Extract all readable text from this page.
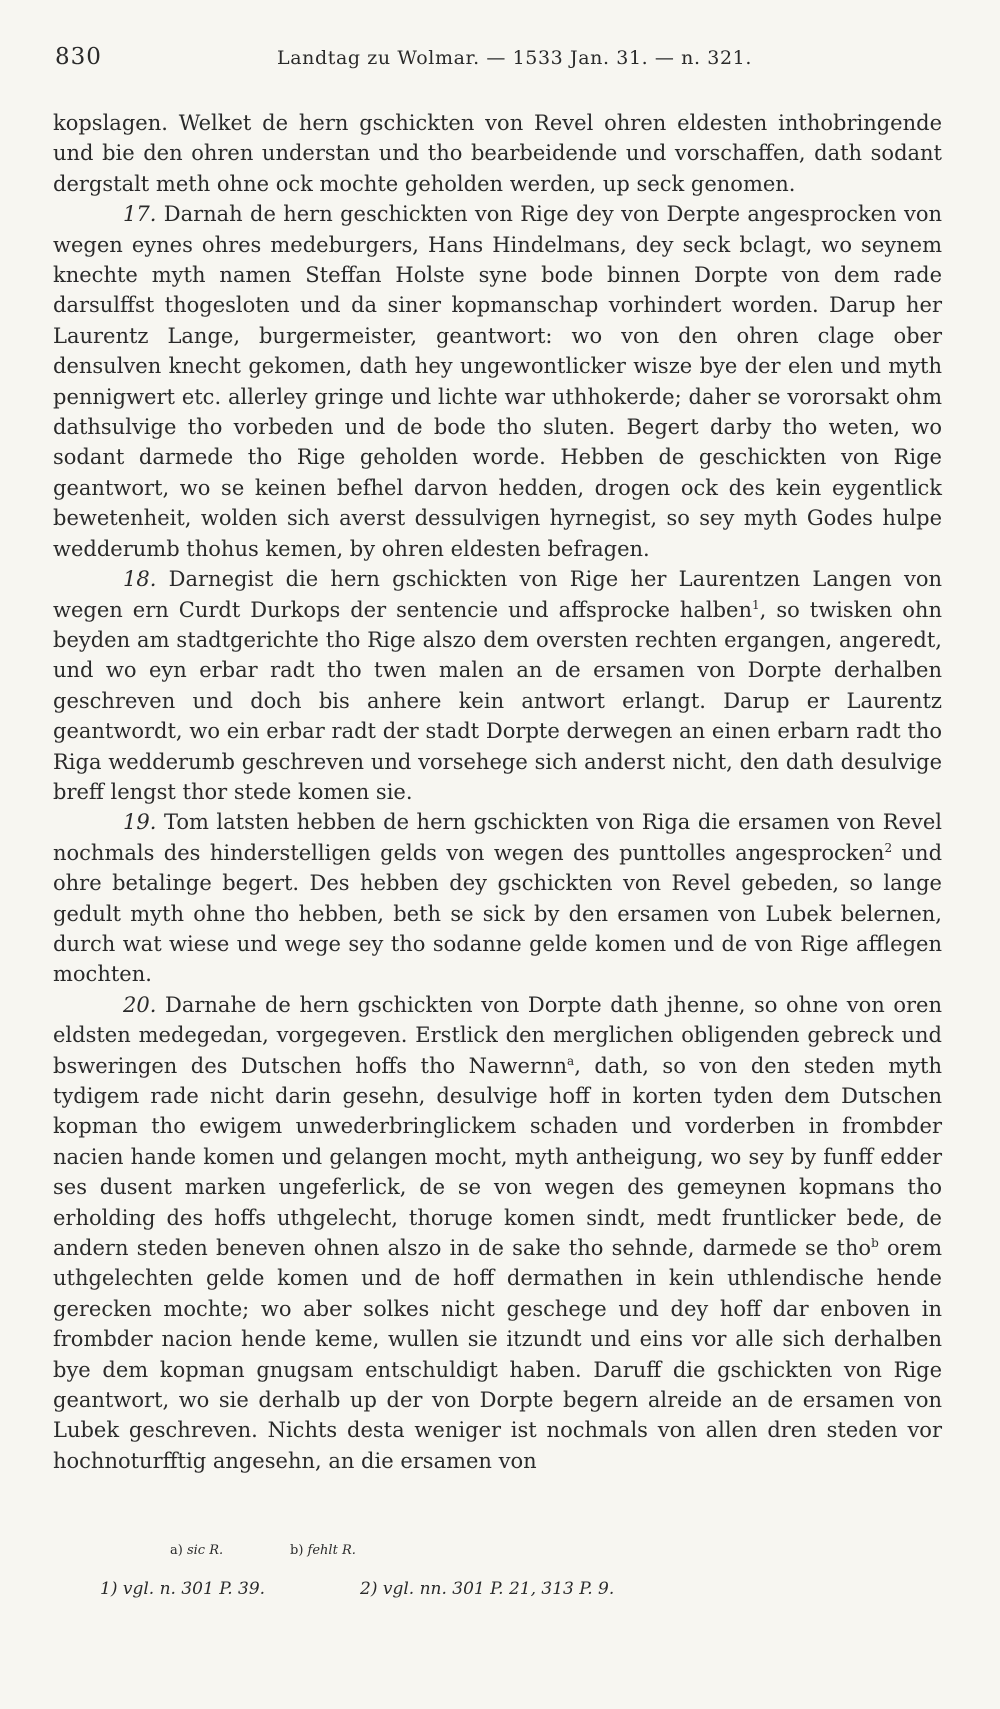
830	Landtag zu Wolmar. — 1533 Jan. 31. — n. 321.

kopslagen. Welket de hern gschickten von Revel ohren eldesten inthobringende und bie den ohren understan und tho bearbeidende und vorschaffen, dath sodant dergstalt meth ohne ock mochte geholden werden, up seck genomen.

17. Darnah de hern geschickten von Rige dey von Derpte angesprocken von wegen eynes ohres medeburgers, Hans Hindelmans, dey seck bclagt, wo seynem knechte myth namen Steffan Holste syne bode binnen Dorpte von dem rade darsulffst thogesloten und da siner kopmanschap vorhindert worden. Darup her Laurentz Lange, burgermeister, geantwort: wo von den ohren clage ober densulven knecht gekomen, dath hey ungewontlicker wisze bye der elen und myth pennigwert etc. allerley gringe und lichte war uthhokerde; daher se vororsakt ohm dathsulvige tho vorbeden und de bode tho sluten. Begert darby tho weten, wo sodant darmede tho Rige geholden worde. Hebben de geschickten von Rige geantwort, wo se keinen befhel darvon hedden, drogen ock des kein eygentlick bewetenheit, wolden sich averst dessulvigen hyrnegist, so sey myth Godes hulpe wedderumb thohus kemen, by ohren eldesten befragen.

18. Darnegist die hern gschickten von Rige her Laurentzen Langen von wegen ern Curdt Durkops der sentencie und affsprocke halben$^1$, so twisken ohn beyden am stadtgerichte tho Rige alszo dem oversten rechten ergangen, angeredt, und wo eyn erbar radt tho twen malen an de ersamen von Dorpte derhalben geschreven und doch bis anhere kein antwort erlangt. Darup er Laurentz geantwordt, wo ein erbar radt der stadt Dorpte derwegen an einen erbarn radt tho Riga wedderumb geschreven und vorsehege sich anderst nicht, den dath desulvige breff lengst thor stede komen sie.

19. Tom latsten hebben de hern gschickten von Riga die ersamen von Revel nochmals des hinderstelligen gelds von wegen des punttolles angesprocken$^2$ und ohre betalinge begert. Des hebben dey gschickten von Revel gebeden, so lange gedult myth ohne tho hebben, beth se sick by den ersamen von Lubek belernen, durch wat wiese und wege sey tho sodanne gelde komen und de von Rige afflegen mochten.

20. Darnahe de hern gschickten von Dorpte dath jhenne, so ohne von oren eldsten medegedan, vorgegeven. Erstlick den merglichen obligenden gebreck und bsweringen des Dutschen hoffs tho Nawernn$^a$, dath, so von den steden myth tydigem rade nicht darin gesehn, desulvige hoff in korten tyden dem Dutschen kopman tho ewigem unwederbringlickem schaden und vorderben in frombder nacien hande komen und gelangen mocht, myth antheigung, wo sey by funff edder ses dusent marken ungeferlick, de se von wegen des gemeynen kopmans tho erholding des hoffs uthgelecht, thoruge komen sindt, medt fruntlicker bede, de andern steden beneven ohnen alszo in de sake tho sehnde, darmede se tho$^b$ orem uthgelechten gelde komen und de hoff dermathen in kein uthlendische hende gerecken mochte; wo aber solkes nicht geschege und dey hoff dar enboven in frombder nacion hende keme, wullen sie itzundt und eins vor alle sich derhalben bye dem kopman gnugsam entschuldigt haben. Daruff die gschickten von Rige geantwort, wo sie derhalb up der von Dorpte begern alreide an de ersamen von Lubek geschreven. Nichts desta weniger ist nochmals von allen dren steden vor hochnoturfftig angesehn, an die ersamen von

a) sic R.	b) fehlt R.
1) vgl. n. 301 P. 39.	2) vgl. nn. 301 P. 21, 313 P. 9.
